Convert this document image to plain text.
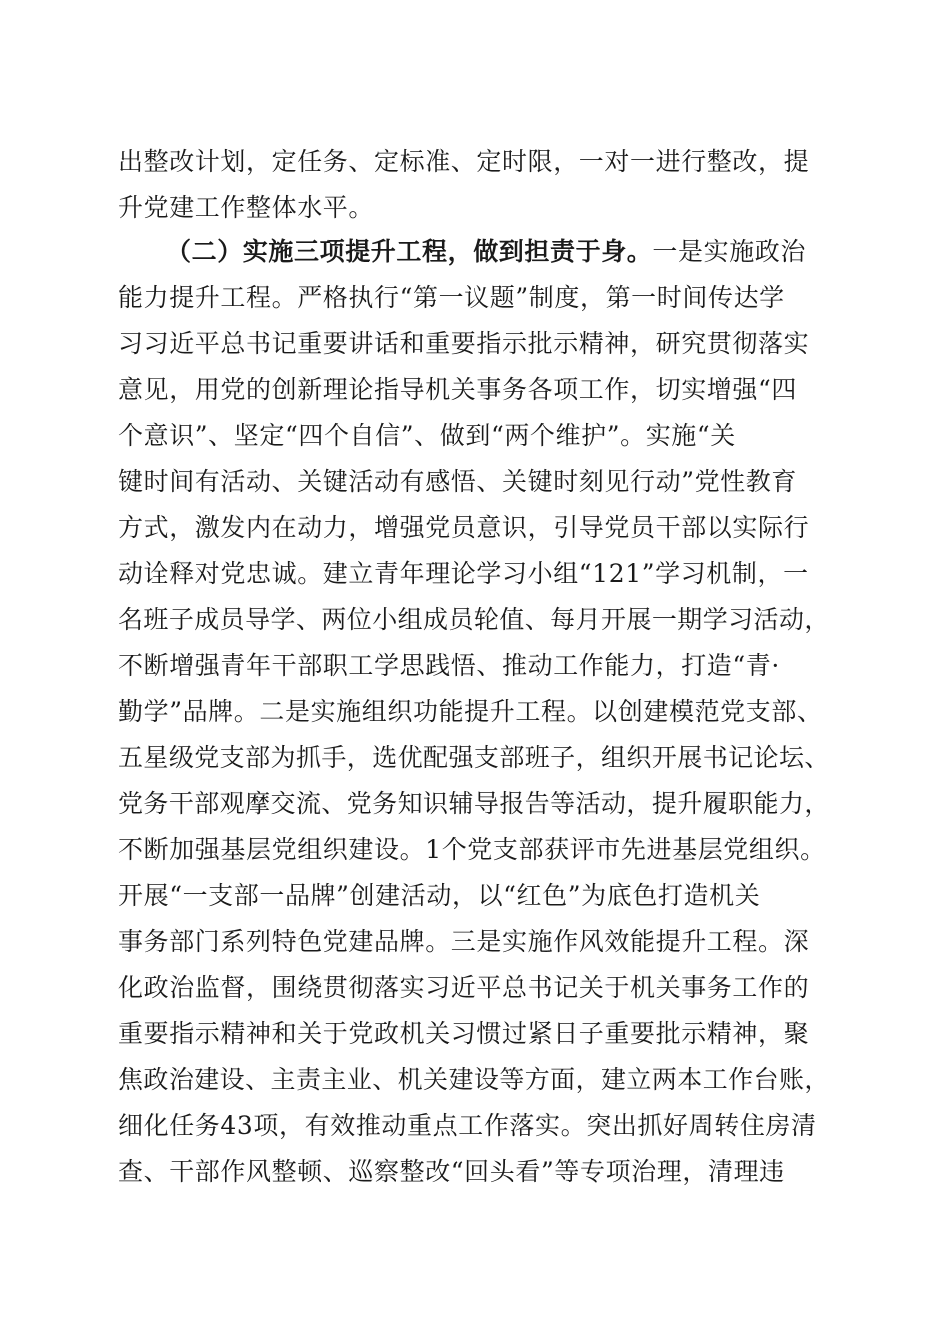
出整改计划，定任务、定标准、定时限，一对一进行整改，提
升党建工作整体水平。
（二）实施三项提升工程，做到担责于身。一是实施政治
能力提升工程。严格执行“第一议题”制度，第一时间传达学
习习近平总书记重要讲话和重要指示批示精神，研究贯彻落实
意见，用党的创新理论指导机关事务各项工作，切实增强“四
个意识”、坚定“四个自信”、做到“两个维护”。实施“关
键时间有活动、关键活动有感悟、关键时刻见行动”党性教育
方式，激发内在动力，增强党员意识，引导党员干部以实际行
动诠释对党忠诚。建立青年理论学习小组“121”学习机制，一
名班子成员导学、两位小组成员轮值、每月开展一期学习活动，
不断增强青年干部职工学思践悟、推动工作能力，打造“青·
勤学”品牌。二是实施组织功能提升工程。以创建模范党支部、
五星级党支部为抓手，选优配强支部班子，组织开展书记论坛、
党务干部观摩交流、党务知识辅导报告等活动，提升履职能力，
不断加强基层党组织建设。1个党支部获评市先进基层党组织。
开展“一支部一品牌”创建活动，以“红色”为底色打造机关
事务部门系列特色党建品牌。三是实施作风效能提升工程。深
化政治监督，围绕贯彻落实习近平总书记关于机关事务工作的
重要指示精神和关于党政机关习惯过紧日子重要批示精神，聚
焦政治建设、主责主业、机关建设等方面，建立两本工作台账，
细化任务43项，有效推动重点工作落实。突出抓好周转住房清
查、干部作风整顿、巡察整改“回头看”等专项治理，清理违
